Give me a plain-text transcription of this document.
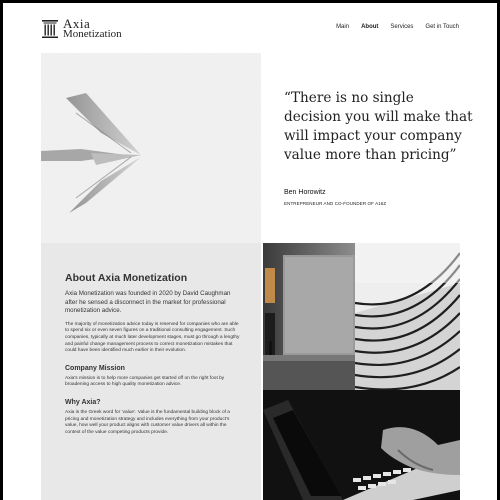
Axia
Monetization
Main	About	Services	Get in Touch
“There is no single decision you will make that will impact your company value more than pricing”
Ben Horowitz
ENTREPRENEUR AND CO-FOUNDER OF A16Z
About Axia Monetization

Axia Monetization was founded in 2020 by David Caughman after he sensed a disconnect in the market for professional monetization advice.

The majority of monetization advice today is reserved for companies who are able to spend six or even seven figures on a traditional consulting engagement. Such companies, typically at much later development stages, must go through a lengthy and painful change management process to correct monetization mistakes that could have been identified much earlier in their evolution.

Company Mission

Axia's mission is to help more companies get started off on the right foot by broadening access to high quality monetization advice.

Why Axia?

Axia is the Greek word for ‘value’. Value is the fundamental building block of a pricing and monetization strategy and includes everything from your product’s value, how well your product aligns with customer value drivers all within the context of the value competing products provide.
